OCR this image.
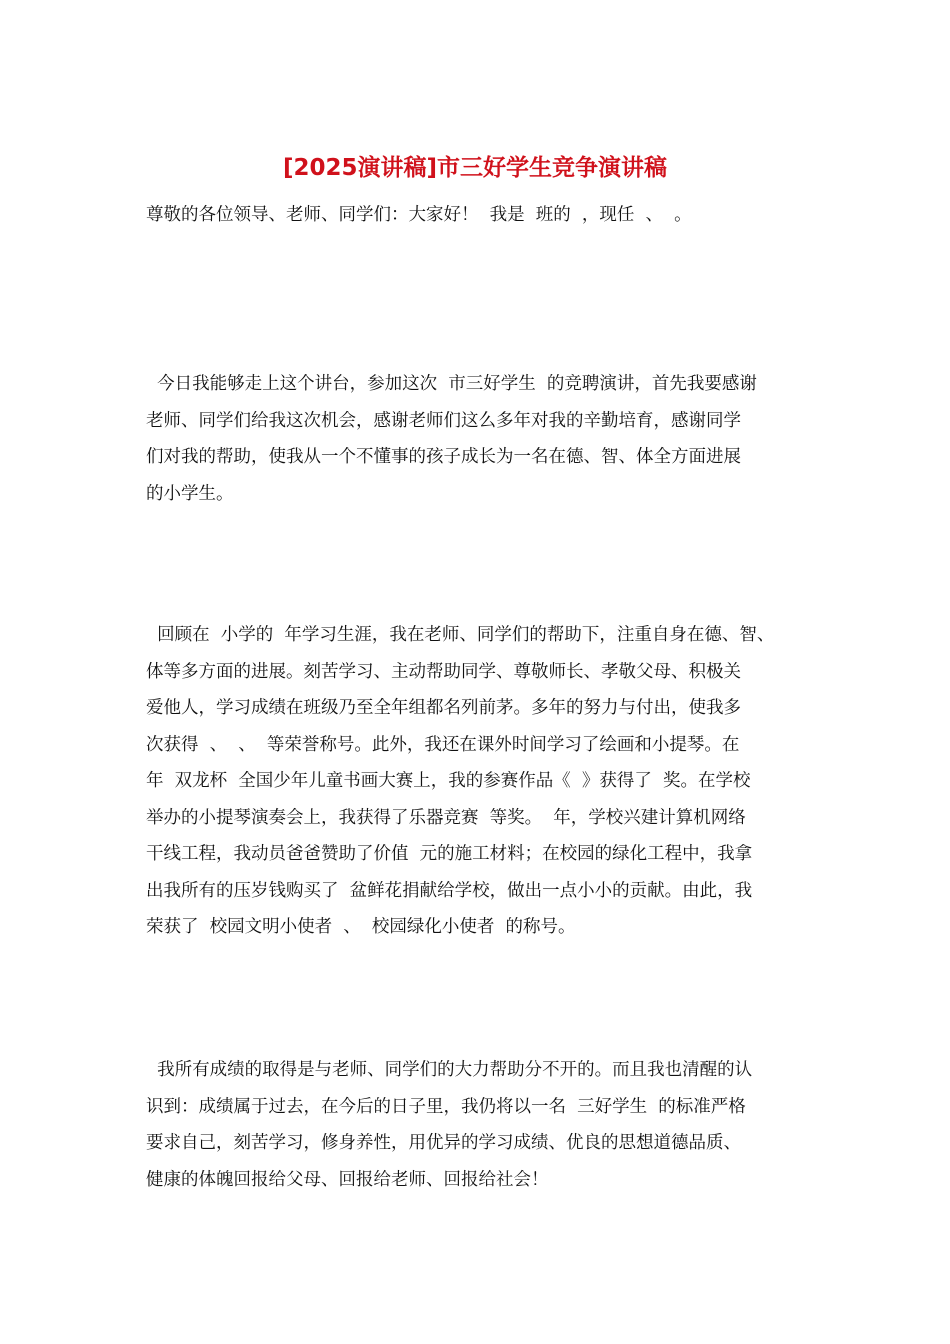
[2025演讲稿]市三好学生竞争演讲稿
尊敬的各位领导、老师、同学们：大家好！  我是  班的  ，现任  、  。
今日我能够走上这个讲台，参加这次  市三好学生  的竞聘演讲，首先我要感谢
老师、同学们给我这次机会，感谢老师们这么多年对我的辛勤培育，感谢同学
们对我的帮助，使我从一个不懂事的孩子成长为一名在德、智、体全方面进展
的小学生。
回顾在  小学的  年学习生涯，我在老师、同学们的帮助下，注重自身在德、智、
体等多方面的进展。刻苦学习、主动帮助同学、尊敬师长、孝敬父母、积极关
爱他人，学习成绩在班级乃至全年组都名列前茅。多年的努力与付出，使我多
次获得  、  、  等荣誉称号。此外，我还在课外时间学习了绘画和小提琴。在
年  双龙杯  全国少年儿童书画大赛上，我的参赛作品《  》获得了  奖。在学校
举办的小提琴演奏会上，我获得了乐器竞赛  等奖。  年，学校兴建计算机网络
干线工程，我动员爸爸赞助了价值  元的施工材料；在校园的绿化工程中，我拿
出我所有的压岁钱购买了  盆鲜花捐献给学校，做出一点小小的贡献。由此，我
荣获了  校园文明小使者  、  校园绿化小使者  的称号。
我所有成绩的取得是与老师、同学们的大力帮助分不开的。而且我也清醒的认
识到：成绩属于过去，在今后的日子里，我仍将以一名  三好学生  的标准严格
要求自己，刻苦学习，修身养性，用优异的学习成绩、优良的思想道德品质、
健康的体魄回报给父母、回报给老师、回报给社会！
